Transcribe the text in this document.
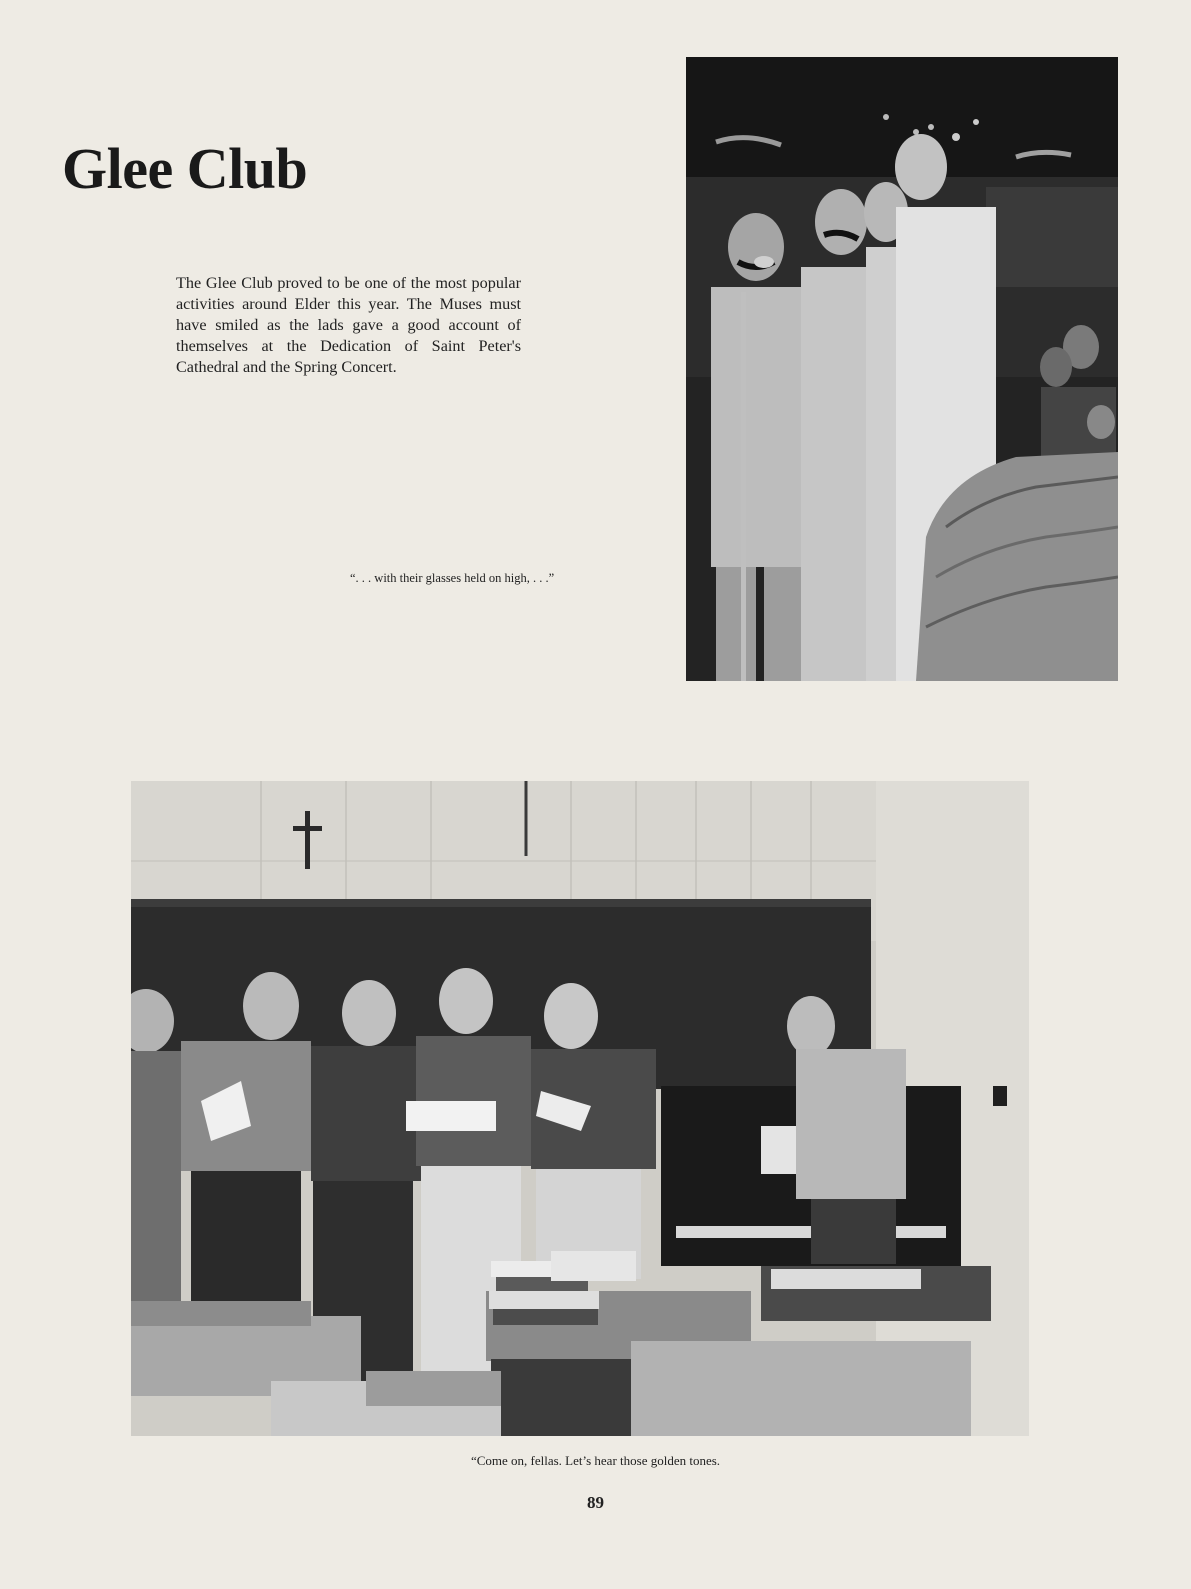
Glee Club

The Glee Club proved to be one of the most popular activities around Elder this year. The Muses must have smiled as the lads gave a good account of themselves at the Dedication of Saint Peter's Cathedral and the Spring Concert.

“. . . with their glasses held on high, . . .”
“Come on, fellas. Let’s hear those golden tones.
89
